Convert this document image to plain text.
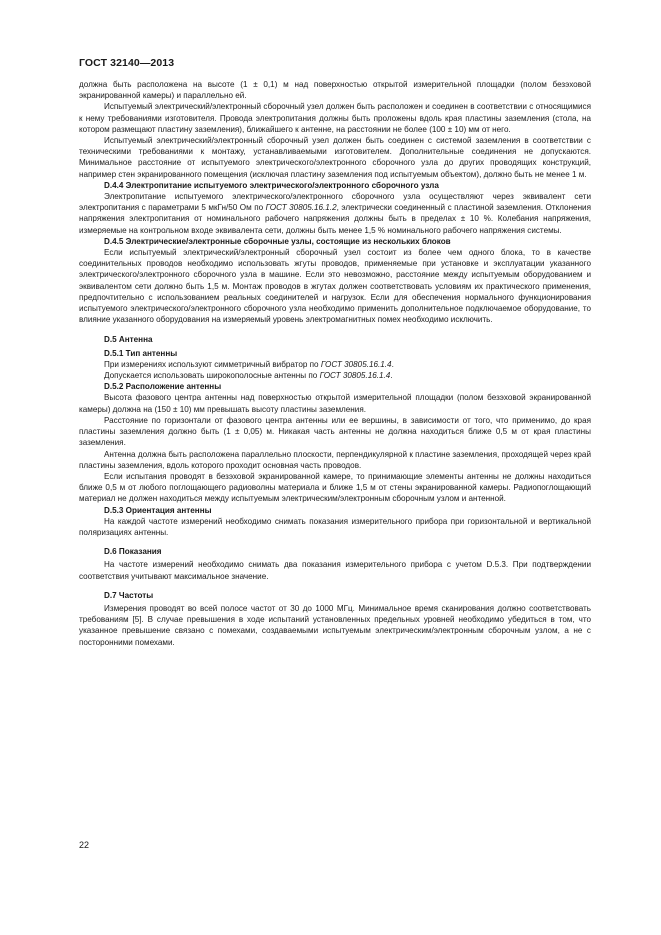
ГОСТ 32140—2013

должна быть расположена на высоте (1 ± 0,1) м над поверхностью открытой измерительной площадки (полом безэховой экранированной камеры) и параллельно ей.

Испытуемый электрический/электронный сборочный узел должен быть расположен и соединен в соответствии с относящимися к нему требованиями изготовителя. Провода электропитания должны быть проложены вдоль края пластины заземления (стола, на котором размещают пластину заземления), ближайшего к антенне, на расстоянии не более (100 ± 10) мм от него.

Испытуемый электрический/электронный сборочный узел должен быть соединен с системой заземления в соответствии с техническими требованиями к монтажу, устанавливаемыми изготовителем. Дополнительные соединения не допускаются. Минимальное расстояние от испытуемого электрического/электронного сборочного узла до других проводящих конструкций, например стен экранированного помещения (исключая пластину заземления под испытуемым объектом), должно быть не менее 1 м.

D.4.4 Электропитание испытуемого электрического/электронного сборочного узла

Электропитание испытуемого электрического/электронного сборочного узла осуществляют через эквивалент сети электропитания с параметрами 5 мкГн/50 Ом по ГОСТ 30805.16.1.2, электрически соединенный с пластиной заземления. Отклонения напряжения электропитания от номинального рабочего напряжения должны быть в пределах ± 10 %. Колебания напряжения, измеряемые на контрольном входе эквивалента сети, должны быть менее 1,5 % номинального рабочего напряжения системы.

D.4.5 Электрические/электронные сборочные узлы, состоящие из нескольких блоков

Если испытуемый электрический/электронный сборочный узел состоит из более чем одного блока, то в качестве соединительных проводов необходимо использовать жгуты проводов, применяемые при установке и эксплуатации указанного электрического/электронного сборочного узла в машине. Если это невозможно, расстояние между испытуемым оборудованием и эквивалентом сети должно быть 1,5 м. Монтаж проводов в жгутах должен соответствовать условиям их практического применения, предпочтительно с использованием реальных соединителей и нагрузок. Если для обеспечения нормального функционирования испытуемого электрического/электронного сборочного узла необходимо применить дополнительное подключаемое оборудование, то влияние указанного оборудования на измеряемый уровень электромагнитных помех необходимо исключить.

D.5 Антенна

D.5.1 Тип антенны

При измерениях используют симметричный вибратор по ГОСТ 30805.16.1.4.

Допускается использовать широкополосные антенны по ГОСТ 30805.16.1.4.

D.5.2 Расположение антенны

Высота фазового центра антенны над поверхностью открытой измерительной площадки (полом безэховой экранированной камеры) должна на (150 ± 10) мм превышать высоту пластины заземления.

Расстояние по горизонтали от фазового центра антенны или ее вершины, в зависимости от того, что применимо, до края пластины заземления должно быть (1 ± 0,05) м. Никакая часть антенны не должна находиться ближе 0,5 м от края пластины заземления.

Антенна должна быть расположена параллельно плоскости, перпендикулярной к пластине заземления, проходящей через край пластины заземления, вдоль которого проходит основная часть проводов.

Если испытания проводят в безэховой экранированной камере, то принимающие элементы антенны не должны находиться ближе 0,5 м от любого поглощающего радиоволны материала и ближе 1,5 м от стены экранированной камеры. Радиопоглощающий материал не должен находиться между испытуемым электрическим/электронным сборочным узлом и антенной.

D.5.3 Ориентация антенны

На каждой частоте измерений необходимо снимать показания измерительного прибора при горизонтальной и вертикальной поляризациях антенны.

D.6 Показания

На частоте измерений необходимо снимать два показания измерительного прибора с учетом D.5.3. При подтверждении соответствия учитывают максимальное значение.

D.7 Частоты

Измерения проводят во всей полосе частот от 30 до 1000 МГц. Минимальное время сканирования должно соответствовать требованиям [5]. В случае превышения в ходе испытаний установленных предельных уровней необходимо убедиться в том, что указанное превышение связано с помехами, создаваемыми испытуемым электрическим/электронным сборочным узлом, а не с посторонними помехами.

22
